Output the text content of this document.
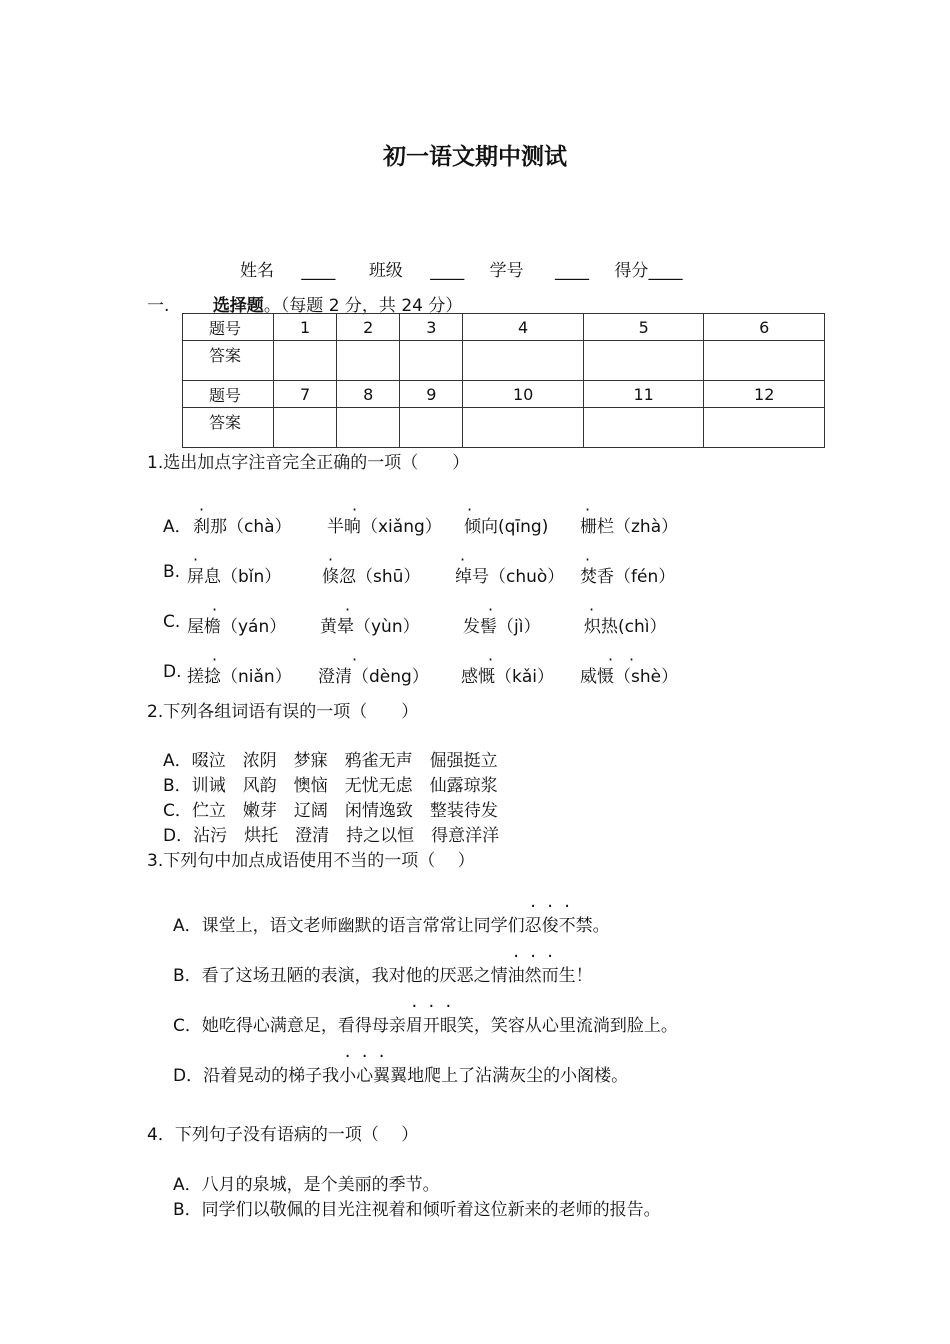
初一语文期中测试
姓名 ____ 班级 ____ 学号 ____ 得分____
一.	选择题。（每题 2 分，共 24 分）
题号	1	2	3	4	5	6
答案						
题号	7	8	9	10	11	12
答案						
1.选出加点字注音完全正确的一项（　　）
A． 刹那（chà） 半晌（xiǎng） 倾向(qīng) 栅栏（zhà）
B. 屏息（bǐn） 倏忽（shū） 绰号（chuò） 焚香（fén）
C. 屋檐（yán） 黄晕（yùn）	发髻（jì）	炽热(chì）
D. 搓捻（niǎn） 澄清（dèng） 感慨（kǎi） 威慑（shè）
·	·	·	·
·	·	·	·
·	·	·	·
·	·	·	· ·
2.下列各组词语有误的一项（　　）
A．啜泣　浓阴　梦寐　鸦雀无声　倔强挺立
B．训诫　风韵　懊恼　无忧无虑　仙露琼浆
C．伫立　嫩芽　辽阔　闲情逸致　整装待发
D．沾污　烘托　澄清　持之以恒　得意洋洋
3.下列句中加点成语使用不当的一项（　 ）
A．课堂上，语文老师幽默的语言常常让同学们忍俊不禁。
B．看了这场丑陋的表演，我对他的厌恶之情油然而生！
C．她吃得心满意足，看得母亲眉开眼笑，笑容从心里流淌到脸上。
D．沿着晃动的梯子我小心翼翼地爬上了沾满灰尘的小阁楼。
4．下列句子没有语病的一项（　 ）
A．八月的泉城，是个美丽的季节。
B．同学们以敬佩的目光注视着和倾听着这位新来的老师的报告。
